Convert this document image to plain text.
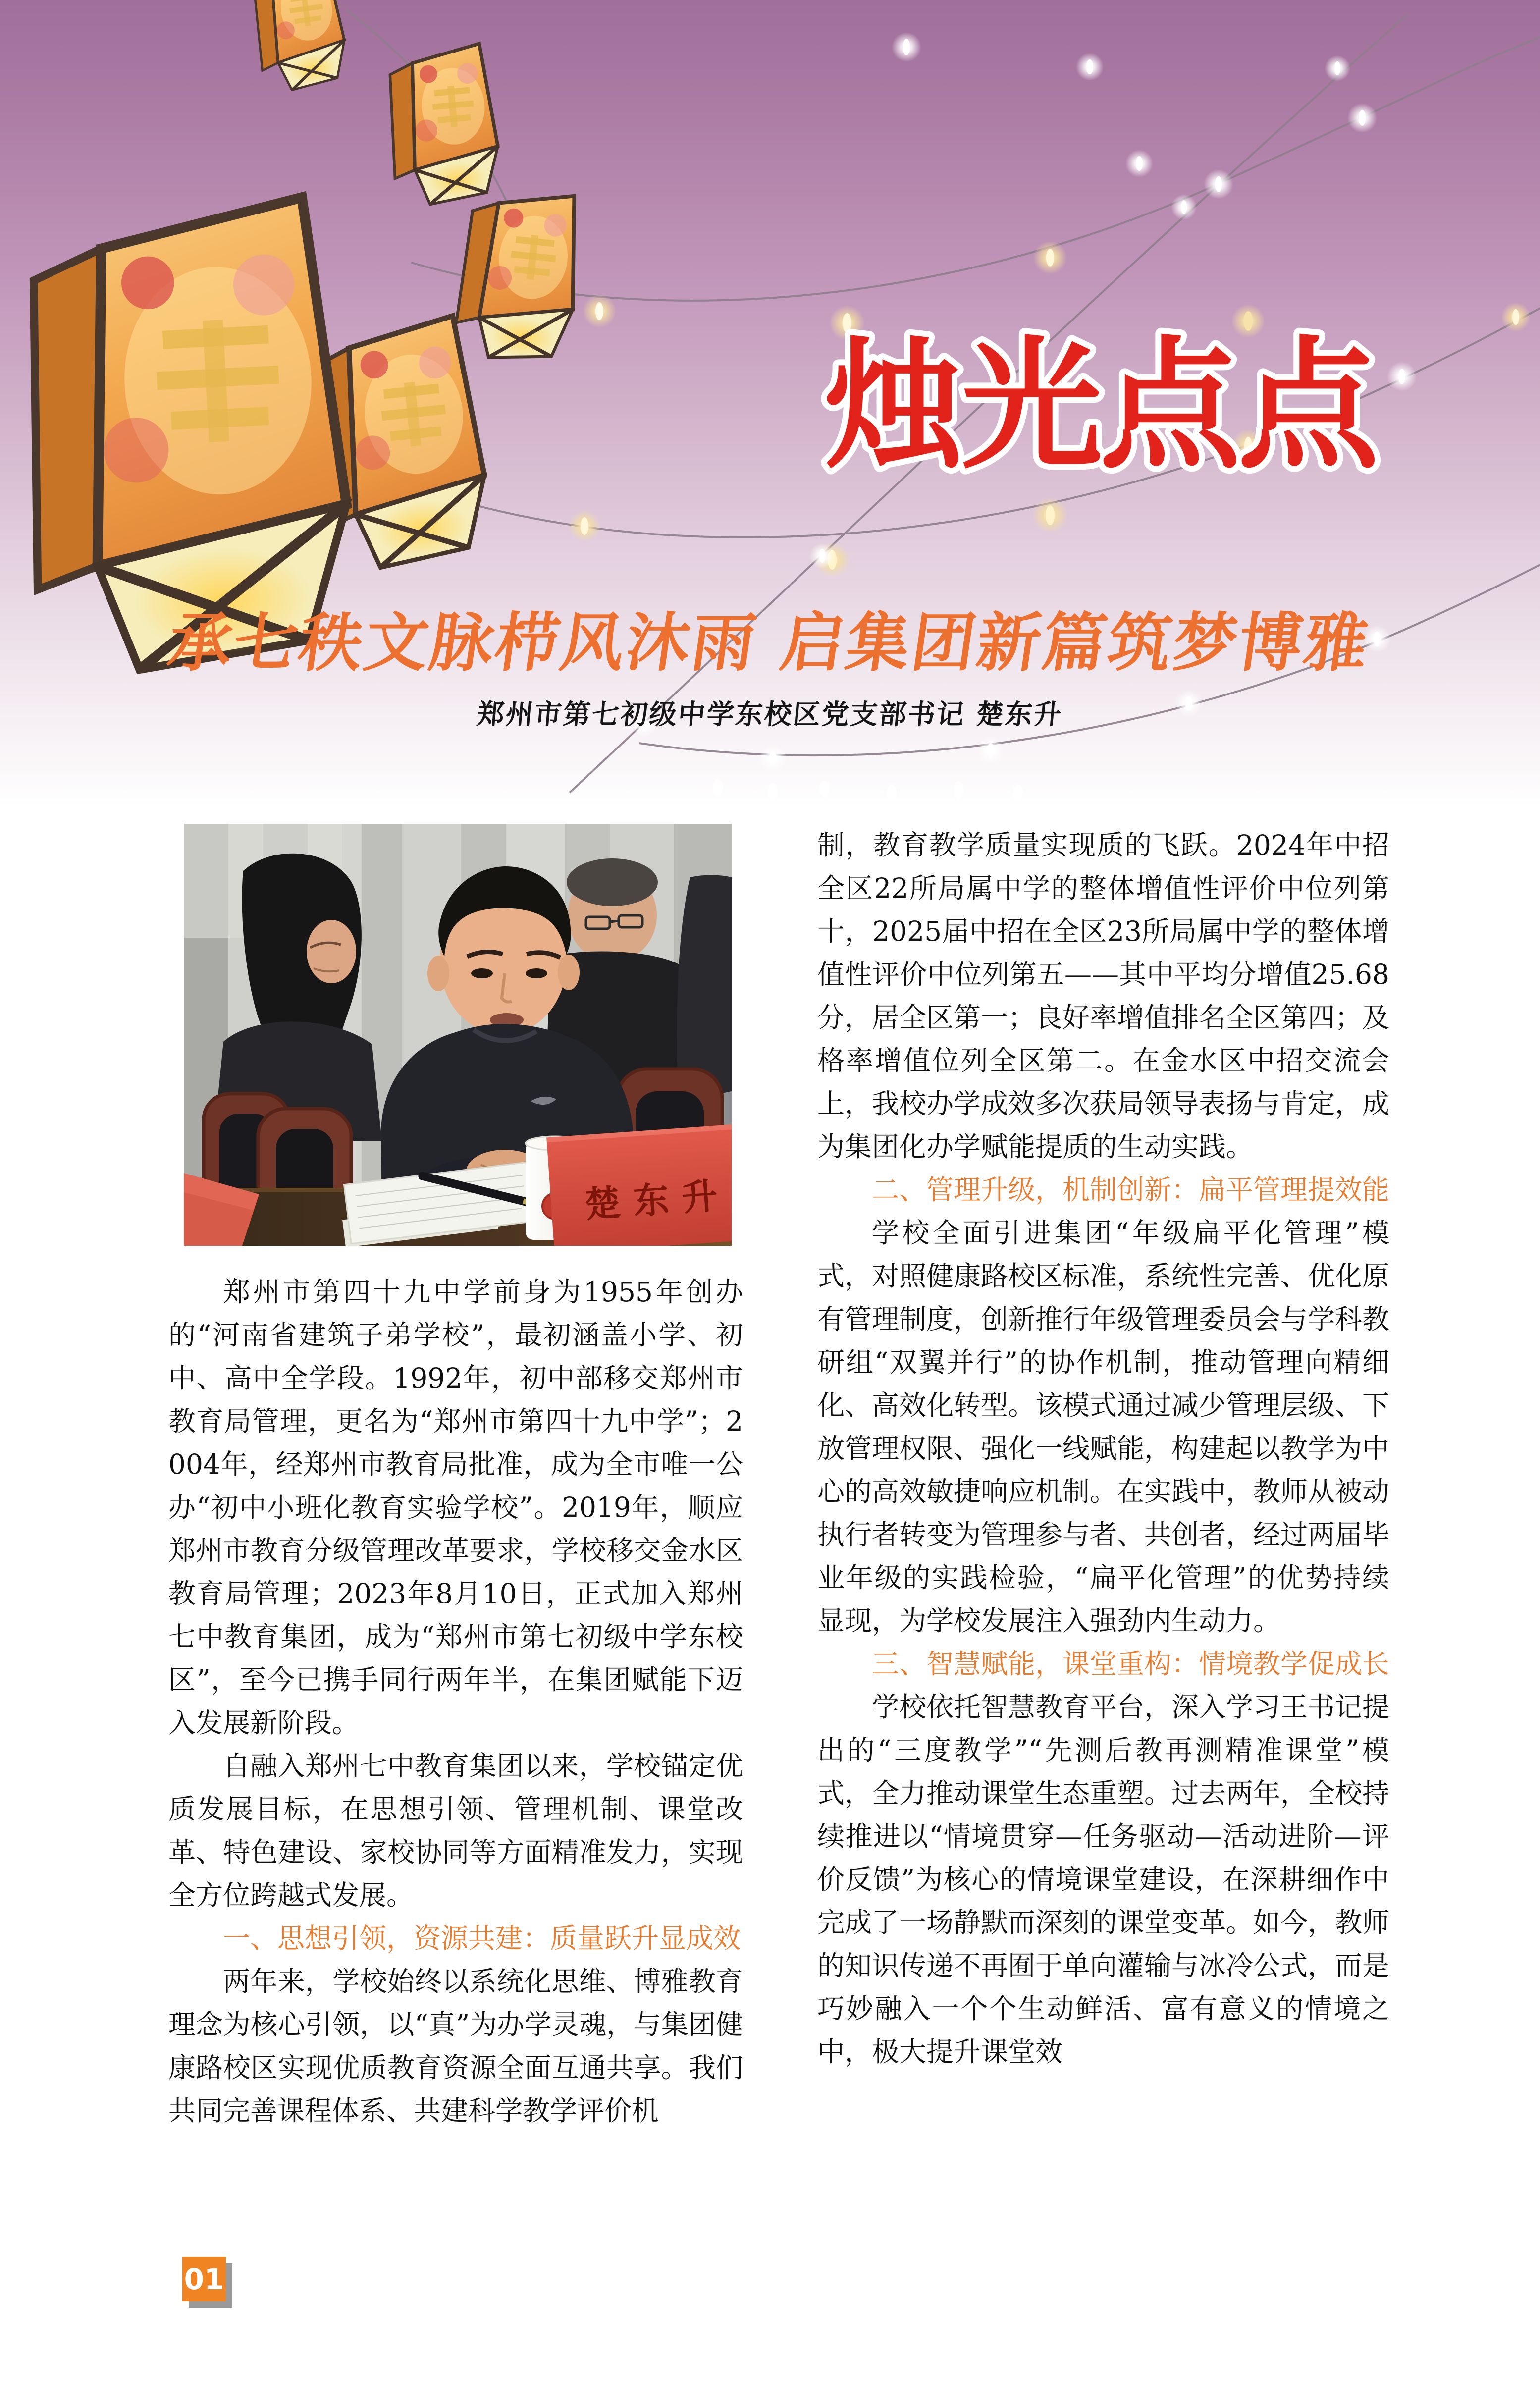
烛光点点
承七秩文脉栉风沐雨 启集团新篇筑梦博雅
郑州市第七初级中学东校区党支部书记 楚东升
楚东升

郑州市第四十九中学前身为1955年创办的“河南省建筑子弟学校”，最初涵盖小学、初中、高中全学段。1992年，初中部移交郑州市教育局管理，更名为“郑州市第四十九中学”；2004年，经郑州市教育局批准，成为全市唯一公办“初中小班化教育实验学校”。2019年，顺应郑州市教育分级管理改革要求，学校移交金水区教育局管理；2023年8月10日，正式加入郑州七中教育集团，成为“郑州市第七初级中学东校区”，至今已携手同行两年半，在集团赋能下迈入发展新阶段。

自融入郑州七中教育集团以来，学校锚定优质发展目标，在思想引领、管理机制、课堂改革、特色建设、家校协同等方面精准发力，实现全方位跨越式发展。

一、思想引领，资源共建：质量跃升显成效

两年来，学校始终以系统化思维、博雅教育理念为核心引领，以“真”为办学灵魂，与集团健康路校区实现优质教育资源全面互通共享。我们共同完善课程体系、共建科学教学评价机

制，教育教学质量实现质的飞跃。2024年中招全区22所局属中学的整体增值性评价中位列第十，2025届中招在全区23所局属中学的整体增值性评价中位列第五——其中平均分增值25.68分，居全区第一；良好率增值排名全区第四；及格率增值位列全区第二。在金水区中招交流会上，我校办学成效多次获局领导表扬与肯定，成为集团化办学赋能提质的生动实践。

二、管理升级，机制创新：扁平管理提效能

学校全面引进集团“年级扁平化管理”模式，对照健康路校区标准，系统性完善、优化原有管理制度，创新推行年级管理委员会与学科教研组“双翼并行”的协作机制，推动管理向精细化、高效化转型。该模式通过减少管理层级、下放管理权限、强化一线赋能，构建起以教学为中心的高效敏捷响应机制。在实践中，教师从被动执行者转变为管理参与者、共创者，经过两届毕业年级的实践检验，“扁平化管理”的优势持续显现，为学校发展注入强劲内生动力。

三、智慧赋能，课堂重构：情境教学促成长

学校依托智慧教育平台，深入学习王书记提出的“三度教学”“先测后教再测精准课堂”模式，全力推动课堂生态重塑。过去两年，全校持续推进以“情境贯穿—任务驱动—活动进阶—评价反馈”为核心的情境课堂建设，在深耕细作中完成了一场静默而深刻的课堂变革。如今，教师的知识传递不再囿于单向灌输与冰冷公式，而是巧妙融入一个个生动鲜活、富有意义的情境之中，极大提升课堂效

01
